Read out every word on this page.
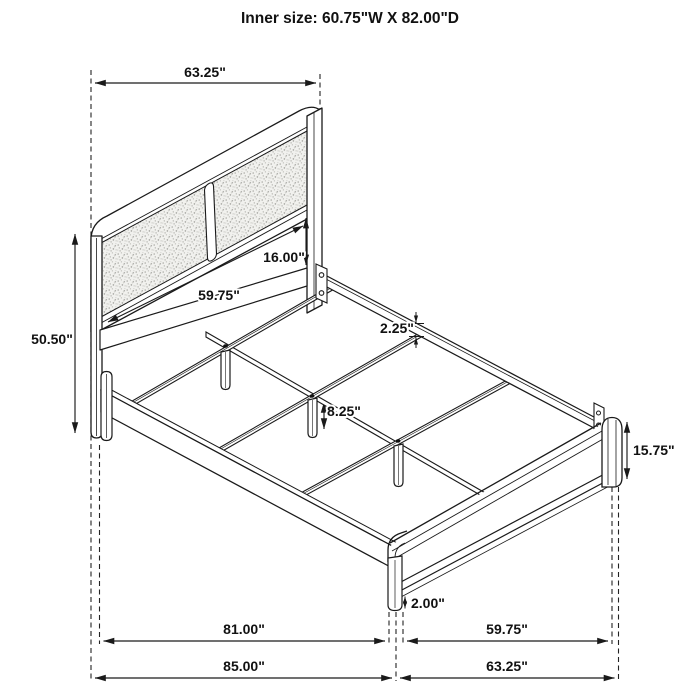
Inner size: 60.75"W X 82.00"D
63.25"
50.50"
16.00"
59.75"
2.25"
8.25"
15.75"
2.00"
81.00"	59.75"
85.00"	63.25"
